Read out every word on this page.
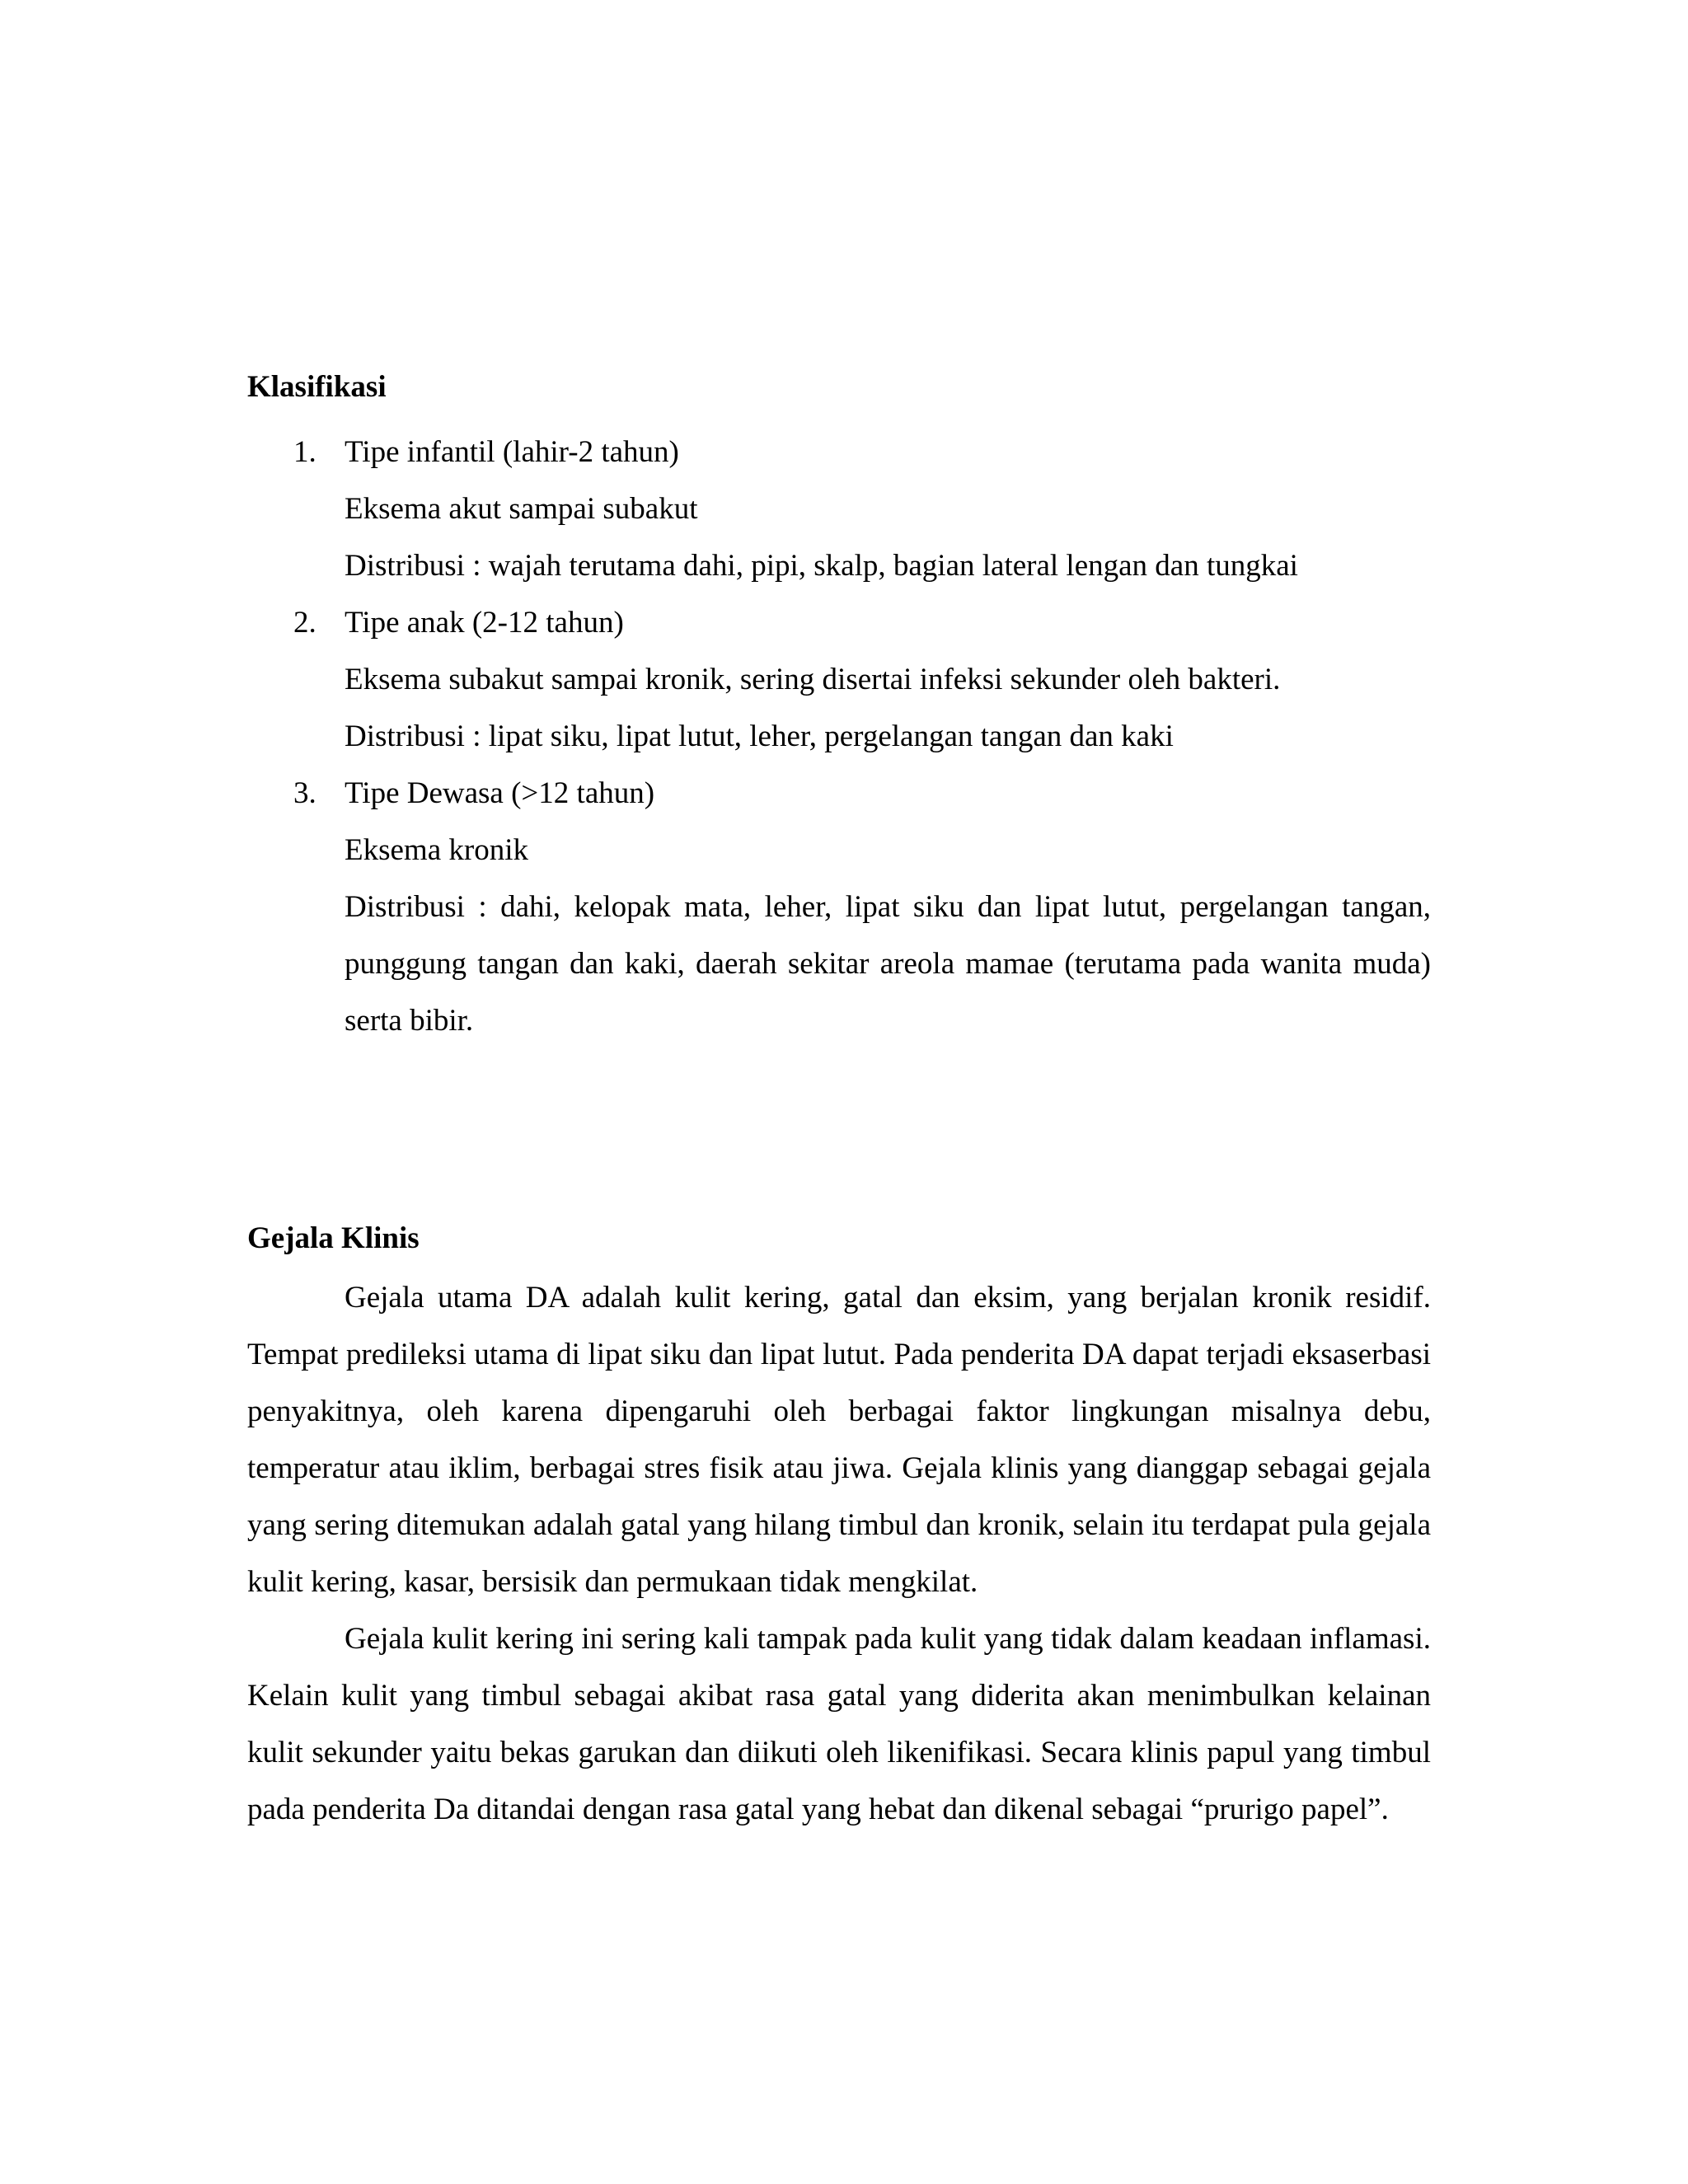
Klasifikasi
1. Tipe infantil (lahir-2 tahun)

Eksema akut sampai subakut

Distribusi : wajah terutama dahi, pipi, skalp, bagian lateral lengan dan tungkai

2. Tipe anak (2-12 tahun)

Eksema subakut sampai kronik, sering disertai infeksi sekunder oleh bakteri.

Distribusi : lipat siku, lipat lutut, leher, pergelangan tangan dan kaki

3. Tipe Dewasa (>12 tahun)

Eksema kronik

Distribusi : dahi, kelopak mata, leher, lipat siku dan lipat lutut, pergelangan tangan, punggung tangan dan kaki, daerah sekitar areola mamae (terutama pada wanita muda) serta bibir.

Gejala Klinis

Gejala utama DA adalah kulit kering, gatal dan eksim, yang berjalan kronik residif. Tempat predileksi utama di lipat siku dan lipat lutut. Pada penderita DA dapat terjadi eksaserbasi penyakitnya, oleh karena dipengaruhi oleh berbagai faktor lingkungan misalnya debu, temperatur atau iklim, berbagai stres fisik atau jiwa. Gejala klinis yang dianggap sebagai gejala yang sering ditemukan adalah gatal yang hilang timbul dan kronik, selain itu terdapat pula gejala kulit kering, kasar, bersisik dan permukaan tidak mengkilat.

Gejala kulit kering ini sering kali tampak pada kulit yang tidak dalam keadaan inflamasi. Kelain kulit yang timbul sebagai akibat rasa gatal yang diderita akan menimbulkan kelainan kulit sekunder yaitu bekas garukan dan diikuti oleh likenifikasi. Secara klinis papul yang timbul pada penderita Da ditandai dengan rasa gatal yang hebat dan dikenal sebagai “prurigo papel”.
